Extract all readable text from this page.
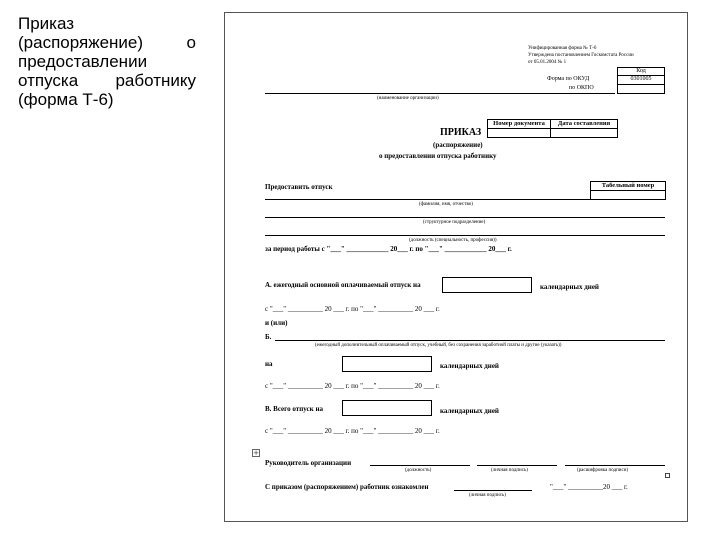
Приказ
(распоряжение) о
предоставлении
отпуска работнику
(форма Т-6)
Унифицированная форма № Т-6
Утверждена постановлением Госкомстата России
от 05.01.2004 № 1
Код
0301005
Форма по ОКУД
по ОКПО
(наименование организации)
Номер документа	Дата составления
ПРИКАЗ
(распоряжение)
о предоставлении отпуска работнику
Предоставить отпуск	Табельный номер
(фамилия, имя, отчество)
(структурное подразделение)
(должность (специальность, профессия))
за период работы с "___" ____________ 20___ г. по "___" ____________ 20___ г.
А. ежегодный основной оплачиваемый отпуск на	календарных дней
с "___" __________ 20 ___ г. по "___" __________ 20 ___ г.
и (или)
Б.
(ежегодный дополнительный оплачиваемый отпуск, учебный, без сохранения заработной платы и другие (указать))
на	календарных дней
с "___" __________ 20 ___ г. по "___" __________ 20 ___ г.
В. Всего отпуск на	календарных дней
с "___" __________ 20 ___ г. по "___" __________ 20 ___ г.
+
Руководитель организации
(должность)	(личная подпись)	(расшифровка подписи)
С приказом (распоряжением) работник ознакомлен	"___" __________20 ___ г.
(личная подпись)
